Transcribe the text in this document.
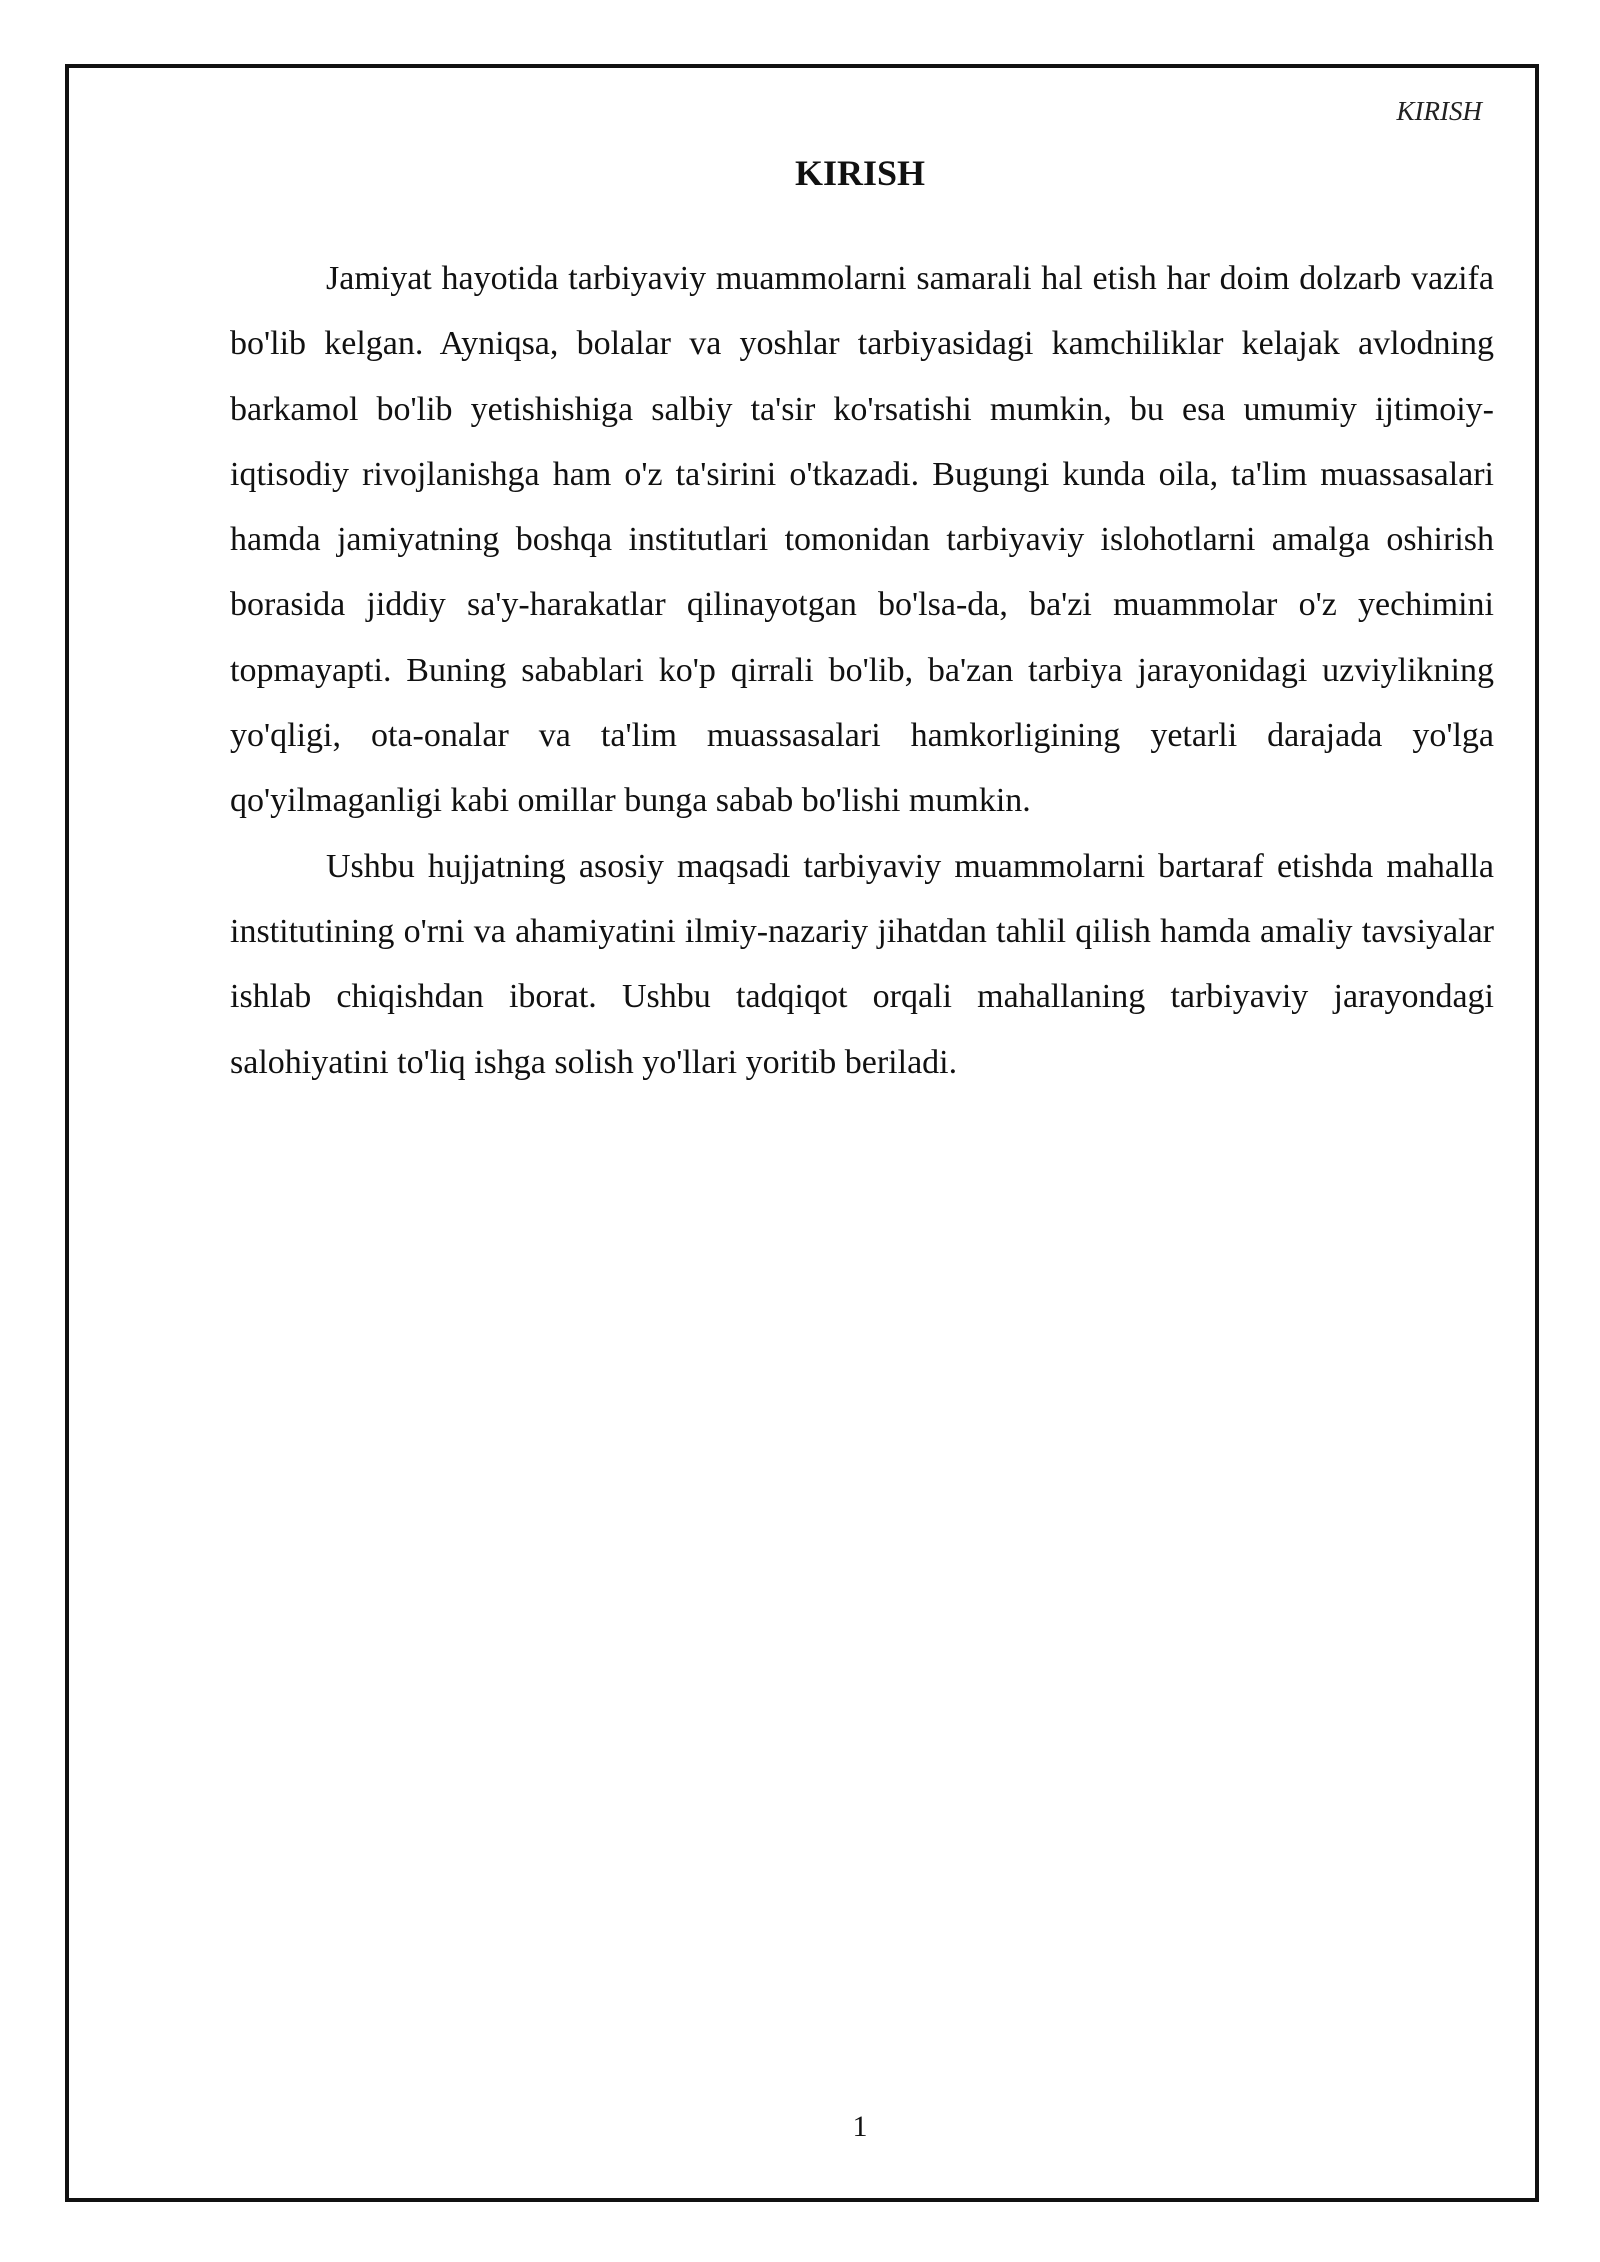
KIRISH
KIRISH

Jamiyat hayotida tarbiyaviy muammolarni samarali hal etish har doim dolzarb vazifa bo'lib kelgan. Ayniqsa, bolalar va yoshlar tarbiyasidagi kamchiliklar kelajak avlodning barkamol bo'lib yetishishiga salbiy ta'sir ko'rsatishi mumkin, bu esa umumiy ijtimoiy-iqtisodiy rivojlanishga ham o'z ta'sirini o'tkazadi. Bugungi kunda oila, ta'lim muassasalari hamda jamiyatning boshqa institutlari tomonidan tarbiyaviy islohotlarni amalga oshirish borasida jiddiy sa'y-harakatlar qilinayotgan bo'lsa-da, ba'zi muammolar o'z yechimini topmayapti. Buning sabablari ko'p qirrali bo'lib, ba'zan tarbiya jarayonidagi uzviylikning yo'qligi, ota-onalar va ta'lim muassasalari hamkorligining yetarli darajada yo'lga qo'yilmaganligi kabi omillar bunga sabab bo'lishi mumkin.

Ushbu hujjatning asosiy maqsadi tarbiyaviy muammolarni bartaraf etishda mahalla institutining o'rni va ahamiyatini ilmiy-nazariy jihatdan tahlil qilish hamda amaliy tavsiyalar ishlab chiqishdan iborat. Ushbu tadqiqot orqali mahallaning tarbiyaviy jarayondagi salohiyatini to'liq ishga solish yo'llari yoritib beriladi.

1
